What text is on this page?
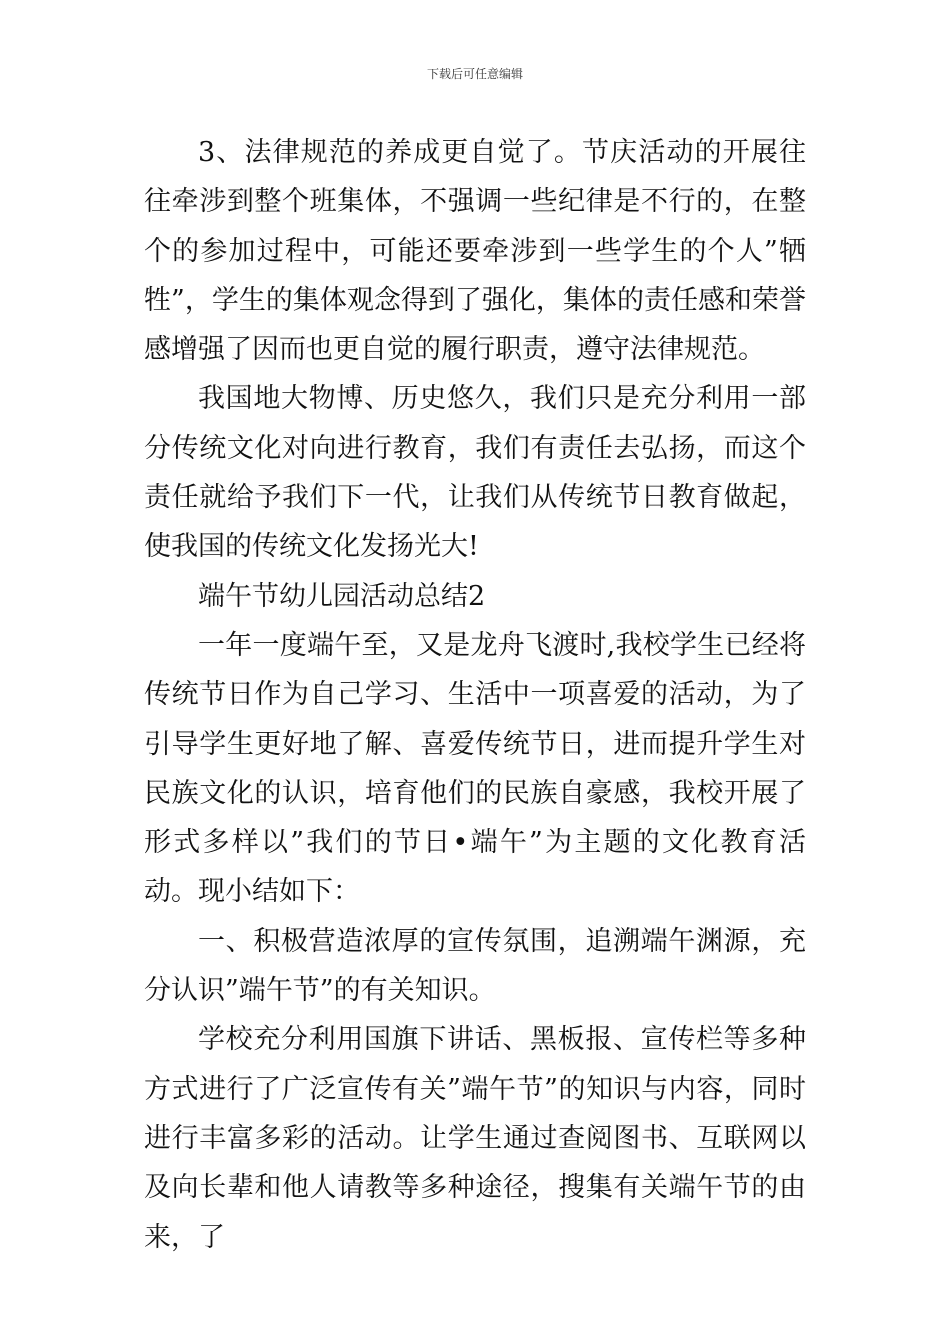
下载后可任意编辑

3、法律规范的养成更自觉了。节庆活动的开展往往牵涉到整个班集体，不强调一些纪律是不行的，在整个的参加过程中，可能还要牵涉到一些学生的个人”牺牲”，学生的集体观念得到了强化，集体的责任感和荣誉感增强了因而也更自觉的履行职责，遵守法律规范。

我国地大物博、历史悠久，我们只是充分利用一部分传统文化对向进行教育，我们有责任去弘扬，而这个责任就给予我们下一代，让我们从传统节日教育做起，使我国的传统文化发扬光大!

端午节幼儿园活动总结2

一年一度端午至，又是龙舟飞渡时,我校学生已经将传统节日作为自己学习、生活中一项喜爱的活动，为了引导学生更好地了解、喜爱传统节日，进而提升学生对民族文化的认识，培育他们的民族自豪感，我校开展了形式多样以”我们的节日•端午”为主题的文化教育活动。现小结如下：

一、积极营造浓厚的宣传氛围，追溯端午渊源，充分认识”端午节”的有关知识。

学校充分利用国旗下讲话、黑板报、宣传栏等多种方式进行了广泛宣传有关”端午节”的知识与内容，同时进行丰富多彩的活动。让学生通过查阅图书、互联网以及向长辈和他人请教等多种途径，搜集有关端午节的由来，了
